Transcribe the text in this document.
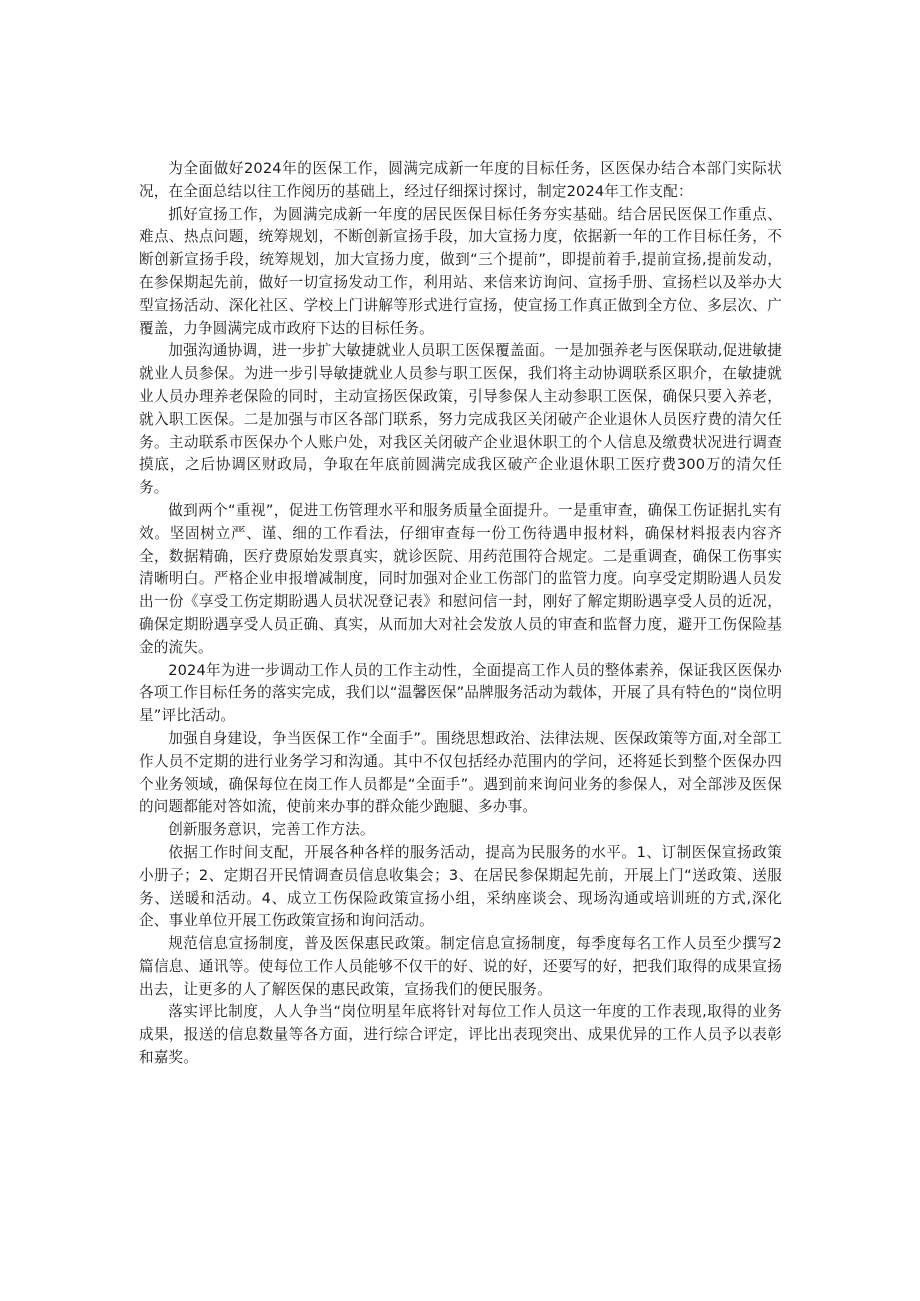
为全面做好2024年的医保工作，圆满完成新一年度的目标任务，区医保办结合本部门实际状况，在全面总结以往工作阅历的基础上，经过仔细探讨探讨，制定2024年工作支配：

抓好宣扬工作，为圆满完成新一年度的居民医保目标任务夯实基础。结合居民医保工作重点、难点、热点问题，统筹规划，不断创新宣扬手段，加大宣扬力度，依据新一年的工作目标任务，不断创新宣扬手段，统筹规划，加大宣扬力度，做到“三个提前”，即提前着手,提前宣扬,提前发动，在参保期起先前，做好一切宣扬发动工作，利用站、来信来访询问、宣扬手册、宣扬栏以及举办大型宣扬活动、深化社区、学校上门讲解等形式进行宣扬，使宣扬工作真正做到全方位、多层次、广覆盖，力争圆满完成市政府下达的目标任务。

加强沟通协调，进一步扩大敏捷就业人员职工医保覆盖面。一是加强养老与医保联动,促进敏捷就业人员参保。为进一步引导敏捷就业人员参与职工医保，我们将主动协调联系区职介，在敏捷就业人员办理养老保险的同时，主动宣扬医保政策，引导参保人主动参职工医保，确保只要入养老，就入职工医保。二是加强与市区各部门联系，努力完成我区关闭破产企业退休人员医疗费的清欠任务。主动联系市医保办个人账户处，对我区关闭破产企业退休职工的个人信息及缴费状况进行调查摸底，之后协调区财政局，争取在年底前圆满完成我区破产企业退休职工医疗费300万的清欠任务。

做到两个“重视”，促进工伤管理水平和服务质量全面提升。一是重审查，确保工伤证据扎实有效。坚固树立严、谨、细的工作看法，仔细审查每一份工伤待遇申报材料，确保材料报表内容齐全，数据精确，医疗费原始发票真实，就诊医院、用药范围符合规定。二是重调查，确保工伤事实清晰明白。严格企业申报增减制度，同时加强对企业工伤部门的监管力度。向享受定期盼遇人员发出一份《享受工伤定期盼遇人员状况登记表》和慰问信一封，刚好了解定期盼遇享受人员的近况，确保定期盼遇享受人员正确、真实，从而加大对社会发放人员的审查和监督力度，避开工伤保险基金的流失。

2024年为进一步调动工作人员的工作主动性，全面提高工作人员的整体素养，保证我区医保办各项工作目标任务的落实完成，我们以“温馨医保”品牌服务活动为载体，开展了具有特色的“岗位明星”评比活动。

加强自身建设，争当医保工作“全面手”。围绕思想政治、法律法规、医保政策等方面,对全部工作人员不定期的进行业务学习和沟通。其中不仅包括经办范围内的学问，还将延长到整个医保办四个业务领域，确保每位在岗工作人员都是“全面手”。遇到前来询问业务的参保人，对全部涉及医保的问题都能对答如流，使前来办事的群众能少跑腿、多办事。

创新服务意识，完善工作方法。

依据工作时间支配，开展各种各样的服务活动，提高为民服务的水平。1、订制医保宣扬政策小册子；2、定期召开民情调查员信息收集会；3、在居民参保期起先前，开展上门“送政策、送服务、送暖和活动。4、成立工伤保险政策宣扬小组，采纳座谈会、现场沟通或培训班的方式,深化企、事业单位开展工伤政策宣扬和询问活动。

规范信息宣扬制度，普及医保惠民政策。制定信息宣扬制度，每季度每名工作人员至少撰写2篇信息、通讯等。使每位工作人员能够不仅干的好、说的好，还要写的好，把我们取得的成果宣扬出去，让更多的人了解医保的惠民政策，宣扬我们的便民服务。

落实评比制度，人人争当“岗位明星年底将针对每位工作人员这一年度的工作表现,取得的业务成果，报送的信息数量等各方面，进行综合评定，评比出表现突出、成果优异的工作人员予以表彰和嘉奖。
